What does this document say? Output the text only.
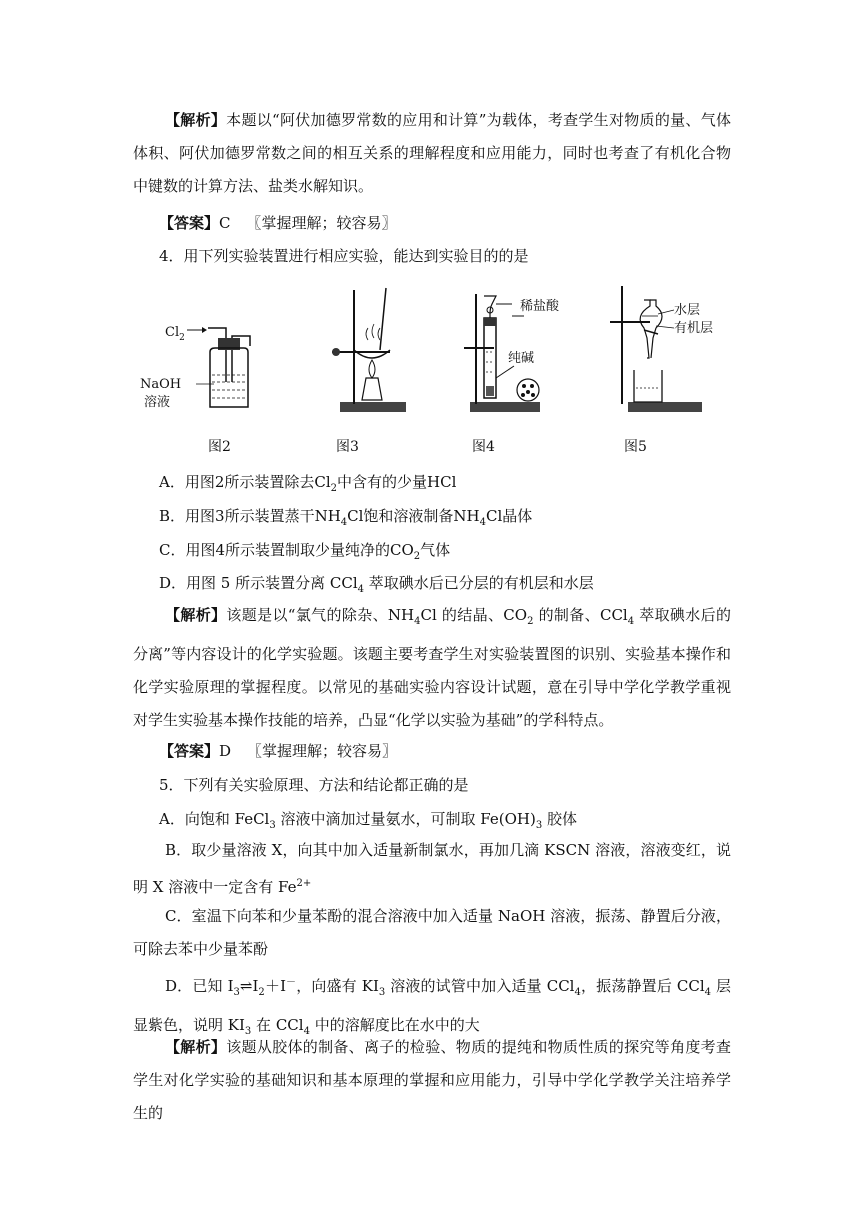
【解析】本题以“阿伏加德罗常数的应用和计算”为载体，考查学生对物质的量、气体体积、阿伏加德罗常数之间的相互关系的理解程度和应用能力，同时也考查了有机化合物中键数的计算方法、盐类水解知识。
【答案】C 〖掌握理解；较容易〗
4．用下列实验装置进行相应实验，能达到实验目的的是
$Cl_2$
NaOH
溶液
图2	图3
稀盐酸
纯碱
图4
水层
有机层
图5
A．用图2所示装置除去$Cl_2$中含有的少量HCl
B．用图3所示装置蒸干$NH_4Cl$饱和溶液制备$NH_4Cl$晶体
C．用图4所示装置制取少量纯净的$CO_2$气体
D．用图 5 所示装置分离 CCl$_4$ 萃取碘水后已分层的有机层和水层
【解析】该题是以“氯气的除杂、$NH_4Cl$ 的结晶、$CO_2$ 的制备、CCl$_4$ 萃取碘水后的分离”等内容设计的化学实验题。该题主要考查学生对实验装置图的识别、实验基本操作和化学实验原理的掌握程度。以常见的基础实验内容设计试题，意在引导中学化学教学重视对学生实验基本操作技能的培养，凸显“化学以实验为基础”的学科特点。
【答案】D 〖掌握理解；较容易〗
5．下列有关实验原理、方法和结论都正确的是
A．向饱和 FeCl$_3$ 溶液中滴加过量氨水，可制取 $Fe(OH)_3$ 胶体
B．取少量溶液 X，向其中加入适量新制氯水，再加几滴 KSCN 溶液，溶液变红，说明 X 溶液中一定含有 $Fe^{2+}$
C．室温下向苯和少量苯酚的混合溶液中加入适量 NaOH 溶液，振荡、静置后分液，可除去苯中少量苯酚
D．已知 $I_3\rightleftharpoons I_2+I^-$，向盛有 $KI_3$ 溶液的试管中加入适量 CCl$_4$，振荡静置后 CCl$_4$ 层显紫色，说明 $KI_3$ 在 CCl$_4$ 中的溶解度比在水中的大
【解析】该题从胶体的制备、离子的检验、物质的提纯和物质性质的探究等角度考查学生对化学实验的基础知识和基本原理的掌握和应用能力，引导中学化学教学关注培养学生的
